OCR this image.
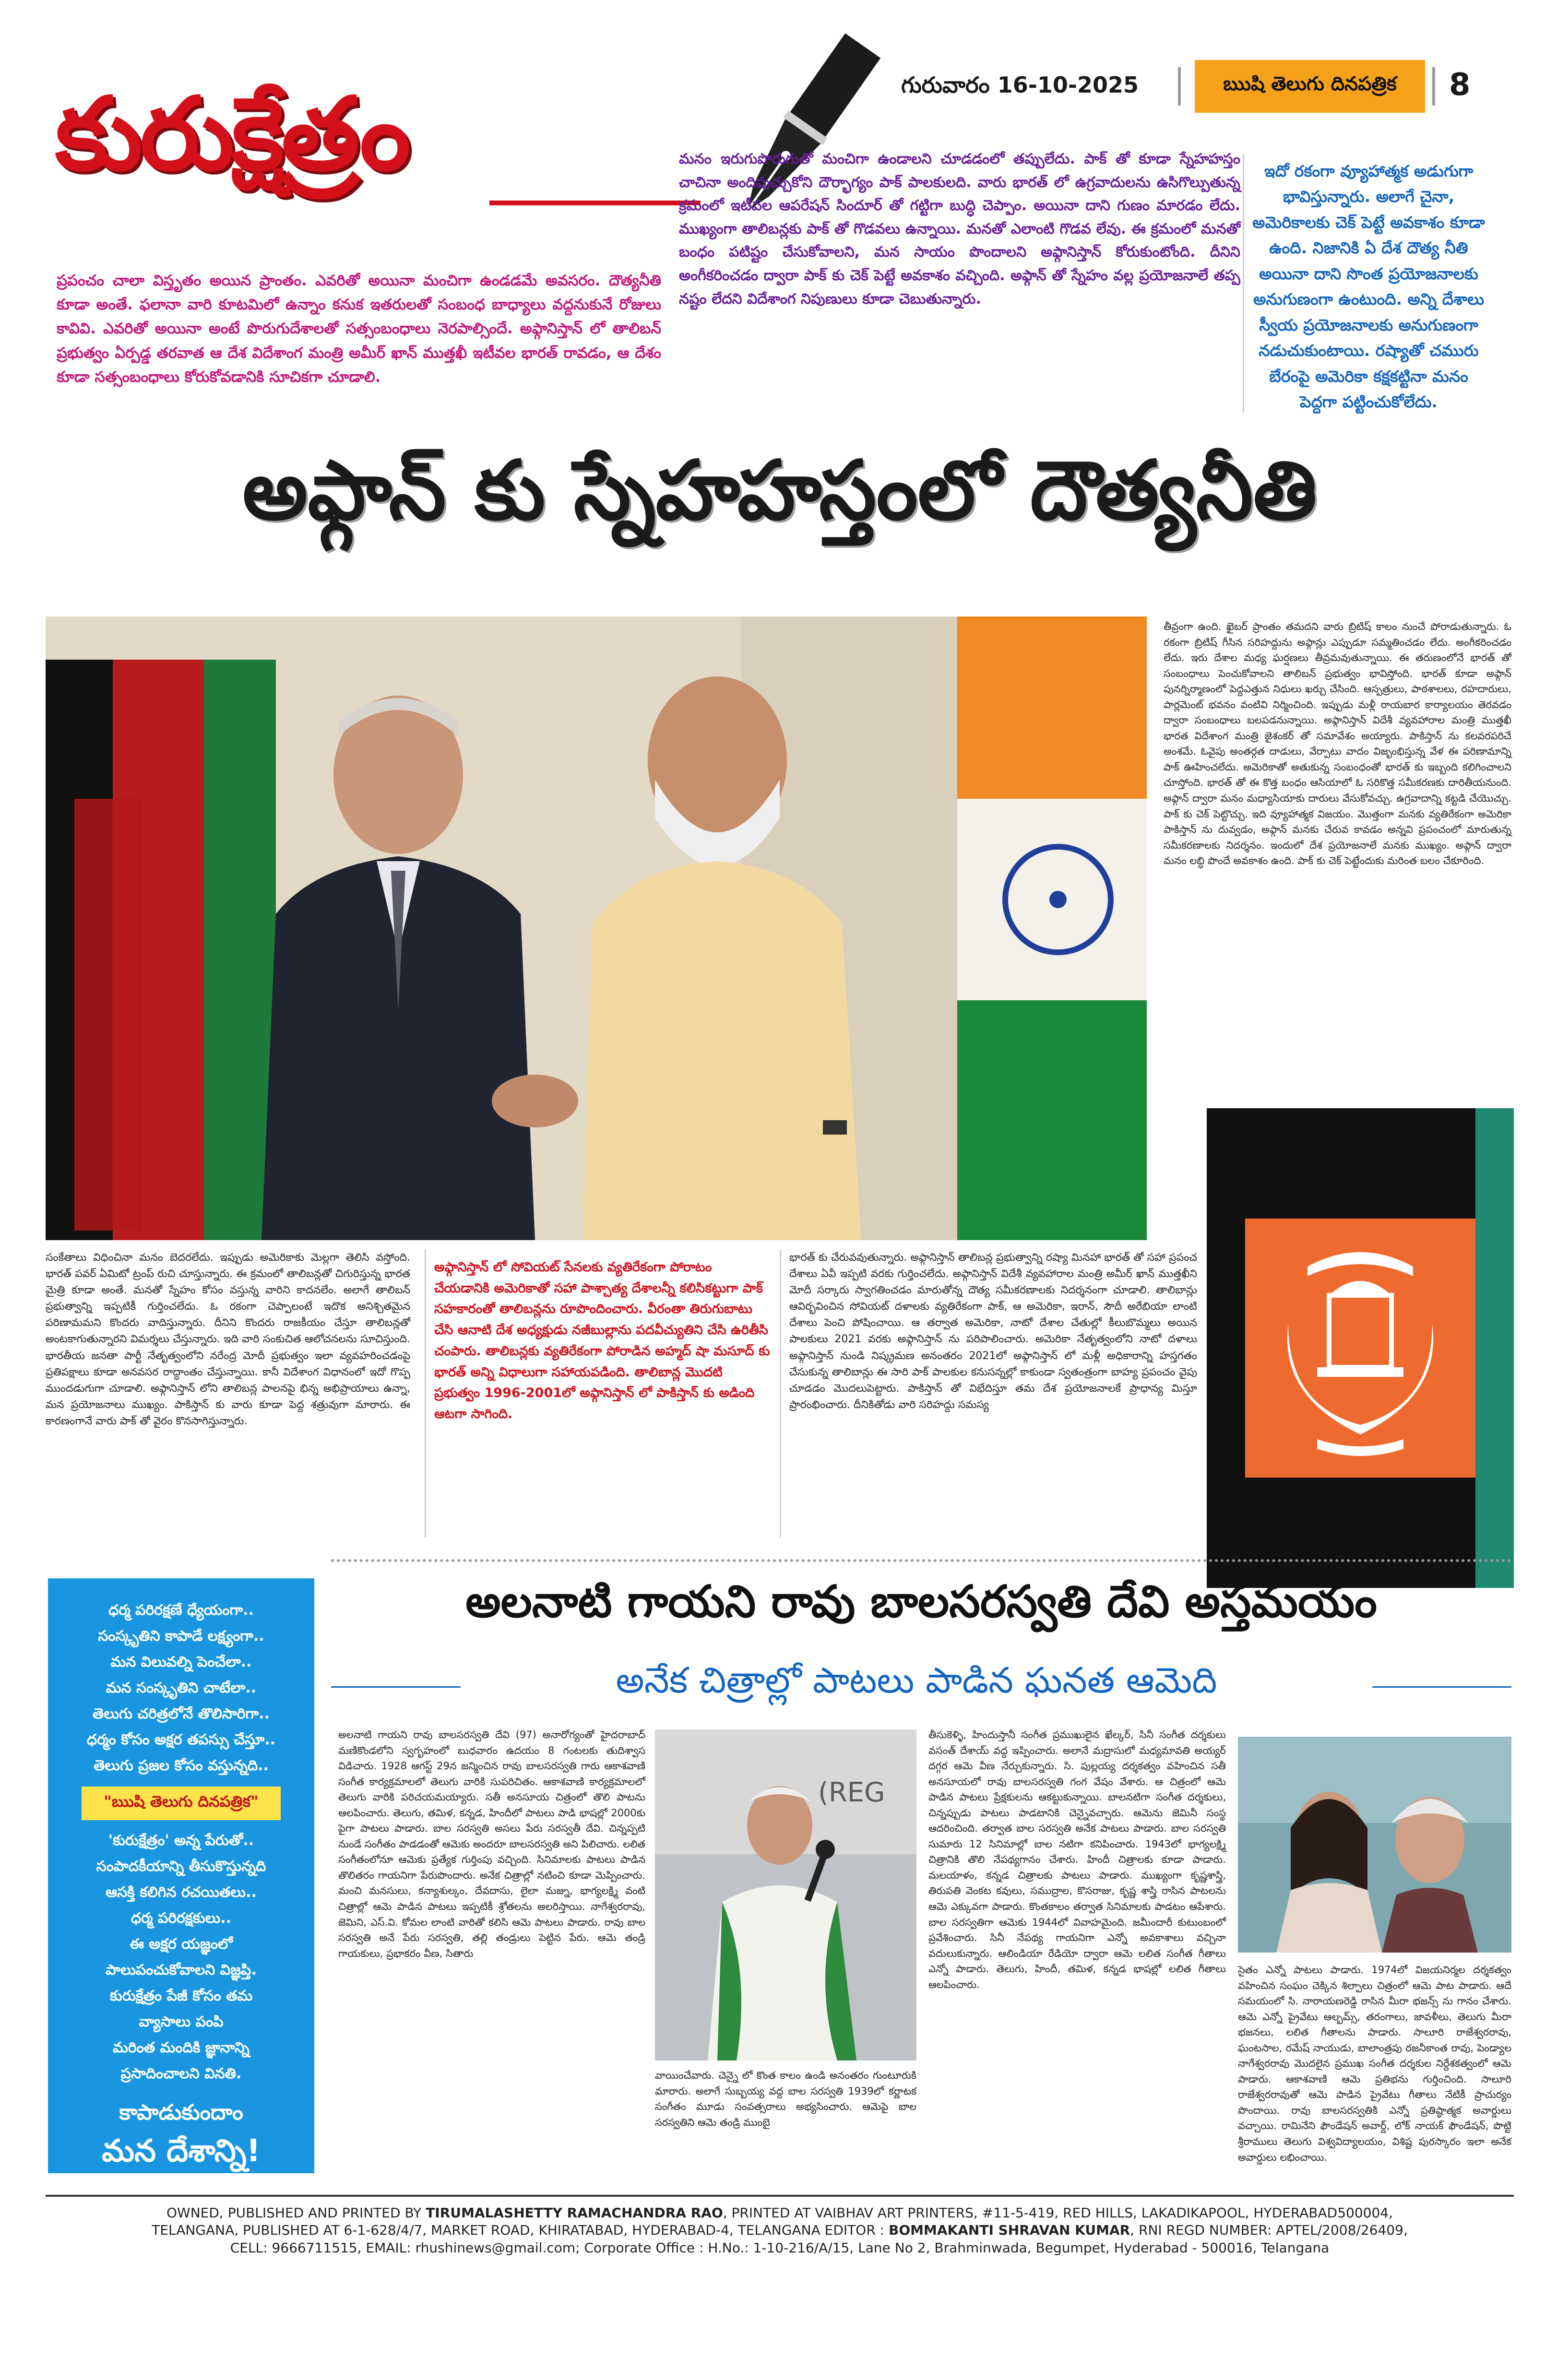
కురుక్షేత్రం	గురువారం 16-10-2025	ఋషి తెలుగు దినపత్రిక	8
ప్రపంచం చాలా విస్తృతం అయిన ప్రాంతం. ఎవరితో అయినా మంచిగా ఉండడమే అవసరం. దౌత్యనీతి కూడా అంతే. ఫలానా వారి కూటమిలో ఉన్నాం కనుక ఇతరులతో సంబంధ బాధ్యాలు వద్దనుకునే రోజులు కావివి. ఎవరితో అయినా అంటే పొరుగుదేశాలతో సత్సంబంధాలు నెరపాల్సిందే. అఫ్గానిస్తాన్ లో తాలిబన్ ప్రభుత్వం ఏర్పడ్డ తరవాత ఆ దేశ విదేశాంగ మంత్రి అమీర్ ఖాన్ ముత్తఖీ ఇటీవల భారత్ రావడం, ఆ దేశం కూడా సత్సంబంధాలు కోరుకోవడానికి సూచికగా చూడాలి.
మనం ఇరుగుపొరుగుతో మంచిగా ఉండాలని చూడడంలో తప్పులేదు. పాక్ తో కూడా స్నేహహస్తం చాచినా అందిపుచ్చుకోని దౌర్భాగ్యం పాక్ పాలకులది. వారు భారత్ లో ఉగ్రవాదులను ఉసిగొల్పుతున్న క్రమంలో ఇటీవల ఆపరేషన్ సిందూర్ తో గట్టిగా బుద్ధి చెప్పాం. అయినా దాని గుణం మారడం లేదు. ముఖ్యంగా తాలిబన్లకు పాక్ తో గొడవలు ఉన్నాయి. మనతో ఎలాంటి గొడవ లేవు. ఈ క్రమంలో మనతో బంధం పటిష్టం చేసుకోవాలని, మన సాయం పొందాలని అఫ్గానిస్తాన్ కోరుకుంటోంది. దీనిని అంగీకరించడం ద్వారా పాక్ కు చెక్ పెట్టే అవకాశం వచ్చింది. అఫ్గాన్ తో స్నేహం వల్ల ప్రయోజనాలే తప్ప నష్టం లేదని విదేశాంగ నిపుణులు కూడా చెబుతున్నారు.
ఇదో రకంగా వ్యూహాత్మక అడుగుగా భావిస్తున్నారు. అలాగే చైనా, అమెరికాలకు చెక్ పెట్టే అవకాశం కూడా ఉంది. నిజానికి ఏ దేశ దౌత్య నీతి అయినా దాని సొంత ప్రయోజనాలకు అనుగుణంగా ఉంటుంది. అన్ని దేశాలు స్వీయ ప్రయోజనాలకు అనుగుణంగా నడుచుకుంటాయి. రష్యాతో చమురు బేరంపై అమెరికా కక్షకట్టినా మనం పెద్దగా పట్టించుకోలేదు.
అఫ్గాన్ కు స్నేహహస్తంలో దౌత్యనీతి
తీవ్రంగా ఉంది. ఖైబర్ ప్రాంతం తమదని వారు బ్రిటిష్ కాలం నుంచే పోరాడుతున్నారు. ఓ రకంగా బ్రిటిష్ గీసిన సరిహద్దును అఫ్గాన్లు ఎప్పుడూ సమ్మతించడం లేదు. అంగీకరించడం లేదు. ఇరు దేశాల మధ్య ఘర్షణలు తీవ్రమవుతున్నాయి. ఈ తరుణంలోనే భారత్ తో సంబంధాలు పెంచుకోవాలని తాలిబన్ ప్రభుత్వం భావిస్తోంది. భారత్ కూడా అఫ్గాన్ పునర్నిర్మాణంలో పెద్దఎత్తున నిధులు ఖర్చు చేసింది. ఆస్పత్రులు, పాఠశాలలు, రహదారులు, పార్లమెంట్ భవనం వంటివి నిర్మించింది. ఇప్పుడు మళ్లీ రాయబార కార్యాలయం తెరవడం ద్వారా సంబంధాలు బలపడనున్నాయి. అఫ్గానిస్తాన్ విదేశీ వ్యవహారాల మంత్రి ముత్తఖీ భారత విదేశాంగ మంత్రి జైశంకర్ తో సమావేశం అయ్యారు. పాకిస్తాన్ ను కలవరపరిచే అంశమే. ఓవైపు అంతర్గత దాడులు, వేర్పాటు వాదం విజృంభిస్తున్న వేళ ఈ పరిణామాన్ని పాక్ ఊహించలేదు. అమెరికాతో అతుకున్న సంబంధంతో భారత్ కు ఇబ్బంది కలిగించాలని చూస్తోంది. భారత్ తో ఈ కొత్త బంధం ఆసియాలో ఓ సరికొత్త సమీకరణకు దారితీయనుంది. అఫ్గాన్ ద్వారా మనం మధ్యాసియాకు దారులు వేసుకోవచ్చు. ఉగ్రవాదాన్ని కట్టడి చేయొచ్చు. పాక్ కు చెక్ పెట్టొచ్చు. ఇది వ్యూహాత్మక విజయం. మొత్తంగా మనకు వ్యతిరేకంగా అమెరికా పాకిస్తాన్ ను దువ్వడం, అఫ్గాన్ మనకు చేరువ కావడం అన్నవి ప్రపంచంలో మారుతున్న సమీకరణాలకు నిదర్శనం. ఇందులో దేశ ప్రయోజనాలే మనకు ముఖ్యం. అఫ్గాన్ ద్వారా మనం లబ్ధి పొందే అవకాశం ఉంది. పాక్ కు చెక్ పెట్టేందుకు మరింత బలం చేకూరింది.
సంకేతాలు విధించినా మనం బెదరలేదు. ఇప్పుడు అమెరికాకు మెల్లగా తెలిసి వస్తోంది. భారత్ పవర్ ఏమిటో ట్రంప్ రుచి చూస్తున్నారు. ఈ క్రమంలో తాలిబన్లతో చిగురిస్తున్న భారత మైత్రి కూడా అంతే. మనతో స్నేహం కోసం వస్తున్న వారిని కాదనలేం. అలాగే తాలిబన్ ప్రభుత్వాన్ని ఇప్పటికీ గుర్తించలేదు. ఓ రకంగా చెప్పాలంటే ఇదొక అనిశ్చితమైన పరిణామమని కొందరు వాదిస్తున్నారు. దీనిని కొందరు రాజకీయం చేస్తూ తాలిబన్లతో అంటకాగుతున్నారని విమర్శలు చేస్తున్నారు. ఇది వారి సంకుచిత ఆలోచనలను సూచిస్తుంది. భారతీయ జనతా పార్టీ నేతృత్వంలోని నరేంద్ర మోదీ ప్రభుత్వం ఇలా వ్యవహరించడంపై ప్రతిపక్షాలు కూడా అనవసర రాద్ధాంతం చేస్తున్నాయి. కానీ విదేశాంగ విధానంలో ఇదో గొప్ప ముందడుగుగా చూడాలి. అఫ్గానిస్తాన్ లోని తాలిబన్ల పాలనపై భిన్న అభిప్రాయాలు ఉన్నా, మన ప్రయోజనాలు ముఖ్యం. పాకిస్తాన్ కు వారు కూడా పెద్ద శత్రువుగా మారారు. ఈ కారణంగానే వారు పాక్ తో వైరం కొనసాగిస్తున్నారు.
అఫ్గానిస్తాన్ లో సోవియట్ సేనలకు వ్యతిరేకంగా పోరాటం చేయడానికి అమెరికాతో సహా పాశ్చాత్య దేశాలన్నీ కలిసికట్టుగా పాక్ సహకారంతో తాలిబన్లను రూపొందించారు. వీరంతా తిరుగుబాటు చేసి ఆనాటి దేశ అధ్యక్షుడు నజీబుల్లాను పదవీచ్యుతిని చేసి ఉరితీసి చంపారు. తాలిబన్లకు వ్యతిరేకంగా పోరాడిన అహ్మద్ షా మసూద్ కు భారత్ అన్ని విధాలుగా సహాయపడింది. తాలిబాన్ల మొదటి ప్రభుత్వం 1996-2001లో అఫ్గానిస్తాన్ లో పాకిస్తాన్ కు అడింది ఆటగా సాగింది.
భారత్ కు చేరువవుతున్నారు. అఫ్గానిస్తాన్ తాలిబన్ల ప్రభుత్వాన్ని రష్యా మినహా భారత్ తో సహా ప్రపంచ దేశాలు ఏవీ ఇప్పటి వరకు గుర్తించలేదు. అఫ్గానిస్తాన్ విదేశీ వ్యవహారాల మంత్రి అమీర్ ఖాన్ ముత్తఖీని మోదీ సర్కారు స్వాగతించడం మారుతోన్న దౌత్య సమీకరణాలకు నిదర్శనంగా చూడాలి. తాలిబాన్లు ఆవిర్భవించిన సోవియట్ దళాలకు వ్యతిరేకంగా పాక్, ఆ అమెరికా, ఇరాన్, సౌదీ అరేబియా లాంటి దేశాలు పెంచి పోషించాయి. ఆ తర్వాత అమెరికా, నాటో దేశాల చేతుల్లో కీలుబొమ్మలు అయిన పాలకులు 2021 వరకు అఫ్గానిస్తాన్ ను పరిపాలించారు. అమెరికా నేతృత్వంలోని నాటో దళాలు అఫ్గానిస్తాన్ నుండి నిష్క్రమణ అనంతరం 2021లో అఫ్గానిస్తాన్ లో మళ్లీ అధికారాన్ని హస్తగతం చేసుకున్న తాలిబాన్లు ఈ సారి పాక్ పాలకుల కనుసన్నల్లో కాకుండా స్వతంత్రంగా బాహ్య ప్రపంచం వైపు చూడడం మొదలుపెట్టారు. పాకిస్తాన్ తో విభేదిస్తూ తమ దేశ ప్రయోజనాలకే ప్రాధాన్య మిస్తూ ప్రారంభించారు. దీనికితోడు వారి సరిహద్దు సమస్య
ధర్మ పరిరక్షణే ధ్యేయంగా..
సంస్కృతిని కాపాడే లక్ష్యంగా..
మన విలువల్ని పెంచేలా..
మన సంస్కృతిని చాటేలా..
తెలుగు చరిత్రలోనే తొలిసారిగా..
ధర్మం కోసం అక్షర తపస్సు చేస్తూ..
తెలుగు ప్రజల కోసం వస్తున్నది..
"ఋషి తెలుగు దినపత్రిక"
'కురుక్షేత్రం' అన్న పేరుతో..
సంపాదకీయాన్ని తీసుకొస్తున్నది
ఆసక్తి కలిగిన రచయితలు..
ధర్మ పరిరక్షకులు..
ఈ అక్షర యజ్ఞంలో
పాలుపంచుకోవాలని విజ్ఞప్తి.
కురుక్షేత్రం పేజీ కోసం తమ
వ్యాసాలు పంపి
మరింత మందికి జ్ఞానాన్ని
ప్రసాదించాలని వినతి.
కాపాడుకుందాం
మన దేశాన్ని!
మన ధర్మాన్ని!!
అలనాటి గాయని రావు బాలసరస్వతి దేవి అస్తమయం
అనేక చిత్రాల్లో పాటలు పాడిన ఘనత ఆమెది
అలనాటి గాయని రావు బాలసరస్వతి దేవి (97) అనారోగ్యంతో హైదరాబాద్ మణికొండలోని స్వగృహంలో బుధవారం ఉదయం 8 గంటలకు తుదిశ్వాస విడిచారు. 1928 ఆగస్ట్ 29న జన్మించిన రావు బాలసరస్వతి గారు ఆకాశవాణి సంగీత కార్యక్రమాలలో తెలుగు వారికి సుపరిచితం. ఆకాశవాణి కార్యక్రమాలలో తెలుగు వారికి పరిచయమయ్యారు. సతీ అనసూయ చిత్రంలో తొలి పాటను ఆలపించారు. తెలుగు, తమిళ, కన్నడ, హిందీలో పాటలు పాడి భాషల్లో 2000కు పైగా పాటలు పాడారు. బాల సరస్వతి అసలు పేరు సరస్వతీ దేవి. చిన్నప్పటి నుండే సంగీతం పాడడంతో ఆమెకు అందరూ బాలసరస్వతి అని పిలిచారు. లలిత సంగీతంలోనూ ఆమెకు ప్రత్యేక గుర్తింపు వచ్చింది. సినిమాలకు పాటలు పాడిన తొలితరం గాయనిగా పేరుపొందారు. అనేక చిత్రాల్లో నటించి కూడా మెప్పించారు. మంచి మనసులు, కన్యాశుల్కం, దేవదాసు, లైలా మజ్ను, భాగ్యలక్ష్మి వంటి చిత్రాల్లో ఆమె పాడిన పాటలు ఇప్పటికీ శ్రోతలను అలరిస్తాయి. నాగేశ్వరరావు, జెమిని, ఎస్.వి. కోమల లాంటి వారితో కలిసి ఆమె పాటలు పాడారు. రావు బాల సరస్వతి అనే పేరు సరస్వతి, తల్లి తండ్రులు పెట్టిన పేరు. ఆమె తండ్రి గాయకులు, ప్రభాకరం వీణ, సితారు
(REG
వాయించేవారు. చెన్నై లో కొంత కాలం ఉండి అనంతరం గుంటూరుకి మారారు. అలాగే సుబ్బయ్య వద్ద బాల సరస్వతి 1939లో కర్ణాటక సంగీతం మూడు సంవత్సరాలు అభ్యసించారు. ఆమెపై బాల సరస్వతిని ఆమె తండ్రి ముంబై
తీసుకెళ్ళి, హిందుస్తానీ సంగీత ప్రముఖులైన ఖేల్కర్, సినీ సంగీత దర్శకులు వసంత్ దేశాయ్ వద్ద ఇప్పించారు. అలానే మద్రాసులో మధ్యమావతి అయ్యర్ దగ్గర ఆమె వీణ నేర్చుకున్నారు. సి. పుల్లయ్య దర్శకత్వం వహించిన సతీ అనసూయలో రావు బాలసరస్వతి గంగ వేషం వేశారు. ఆ చిత్రంలో ఆమె పాడిన పాటలు ప్రేక్షకులను ఆకట్టుకున్నాయి. బాలనటిగా సంగీత దర్శకులు, చిన్నప్పుడు పాటలు పాడటానికి చెన్నైవచ్చారు. ఆమెను జెమినీ సంస్థ ఆదరించింది. తర్వాత బాల సరస్వతి అనేక పాటలు పాడారు. బాల సరస్వతి సుమారు 12 సినిమాల్లో బాల నటిగా కనిపించారు. 1943లో భాగ్యలక్ష్మి చిత్రానికి తొలి నేపథ్యగానం చేశారు. హిందీ చిత్రాలకు కూడా పాడారు. మలయాళం, కన్నడ చిత్రాలకు పాటలు పాడారు. ముఖ్యంగా కృష్ణశాస్త్రి, తిరుపతి వెంకట కవులు, సముద్రాల, కొసరాజు, కృష్ణ శాస్త్రి రాసిన పాటలను ఆమె ఎక్కువగా పాడారు. కొంతకాలం తర్వాత సినిమాలకు పాడటం ఆపేశారు. బాల సరస్వతిగా ఆమెకు 1944లో వివాహమైంది. జమీందారీ కుటుంబంలో ప్రవేశించారు. సినీ నేపథ్య గాయనిగా ఎన్నో అవకాశాలు వచ్చినా వదులుకున్నారు. ఆలిండియా రేడియో ద్వారా ఆమె లలిత సంగీత గీతాలు ఎన్నో పాడారు. తెలుగు, హిందీ, తమిళ, కన్నడ భాషల్లో లలిత గీతాలు ఆలపించారు.
సైతం ఎన్నో పాటలు పాడారు. 1974లో విజయనిర్మల దర్శకత్వం వహించిన సంఘం చెక్కిన శిల్పాలు చిత్రంలో ఆమె పాట పాడారు. ఆదే సమయంలో సి. నారాయణరెడ్డి రాసిన మీరా భజన్స్ ను గానం చేశారు. ఆమె ఎన్నో ప్రైవేటు ఆల్బమ్స్, తరంగాలు, జావళీలు, తెలుగు మీరా భజనలు, లలిత గీతాలను పాడారు. సాలూరి రాజేశ్వరరావు, ఘంటసాల, రమేష్ నాయుడు, బాలాంత్రపు రజనీకాంత రావు, పెండ్యాల నాగేశ్వరరావు మొదలైన ప్రముఖ సంగీత దర్శకుల నిర్దేశకత్వంలో ఆమె పాడారు. ఆకాశవాణి ఆమె ప్రతిభను గుర్తించింది. సాలూరి రాజేశ్వరరావుతో ఆమె పాడిన ప్రైవేటు గీతాలు నేటికీ ప్రాచుర్యం పొందాయి. రావు బాలసరస్వతికి ఎన్నో ప్రతిష్ఠాత్మక అవార్డులు వచ్చాయి. రామినేని ఫౌండేషన్ అవార్డ్, లోక్ నాయక్ ఫౌండేషన్, పొట్టి శ్రీరాములు తెలుగు విశ్వవిద్యాలయం, విశిష్ట పురస్కారం ఇలా అనేక అవార్డులు లభించాయి.
OWNED, PUBLISHED AND PRINTED BY TIRUMALASHETTY RAMACHANDRA RAO, PRINTED AT VAIBHAV ART PRINTERS, #11-5-419, RED HILLS, LAKADIKAPOOL, HYDERABAD500004,
TELANGANA, PUBLISHED AT 6-1-628/4/7, MARKET ROAD, KHIRATABAD, HYDERABAD-4, TELANGANA EDITOR : BOMMAKANTI SHRAVAN KUMAR, RNI REGD NUMBER: APTEL/2008/26409,
CELL: 9666711515, EMAIL: rhushinews@gmail.com; Corporate Office : H.No.: 1-10-216/A/15, Lane No 2, Brahminwada, Begumpet, Hyderabad - 500016, Telangana
